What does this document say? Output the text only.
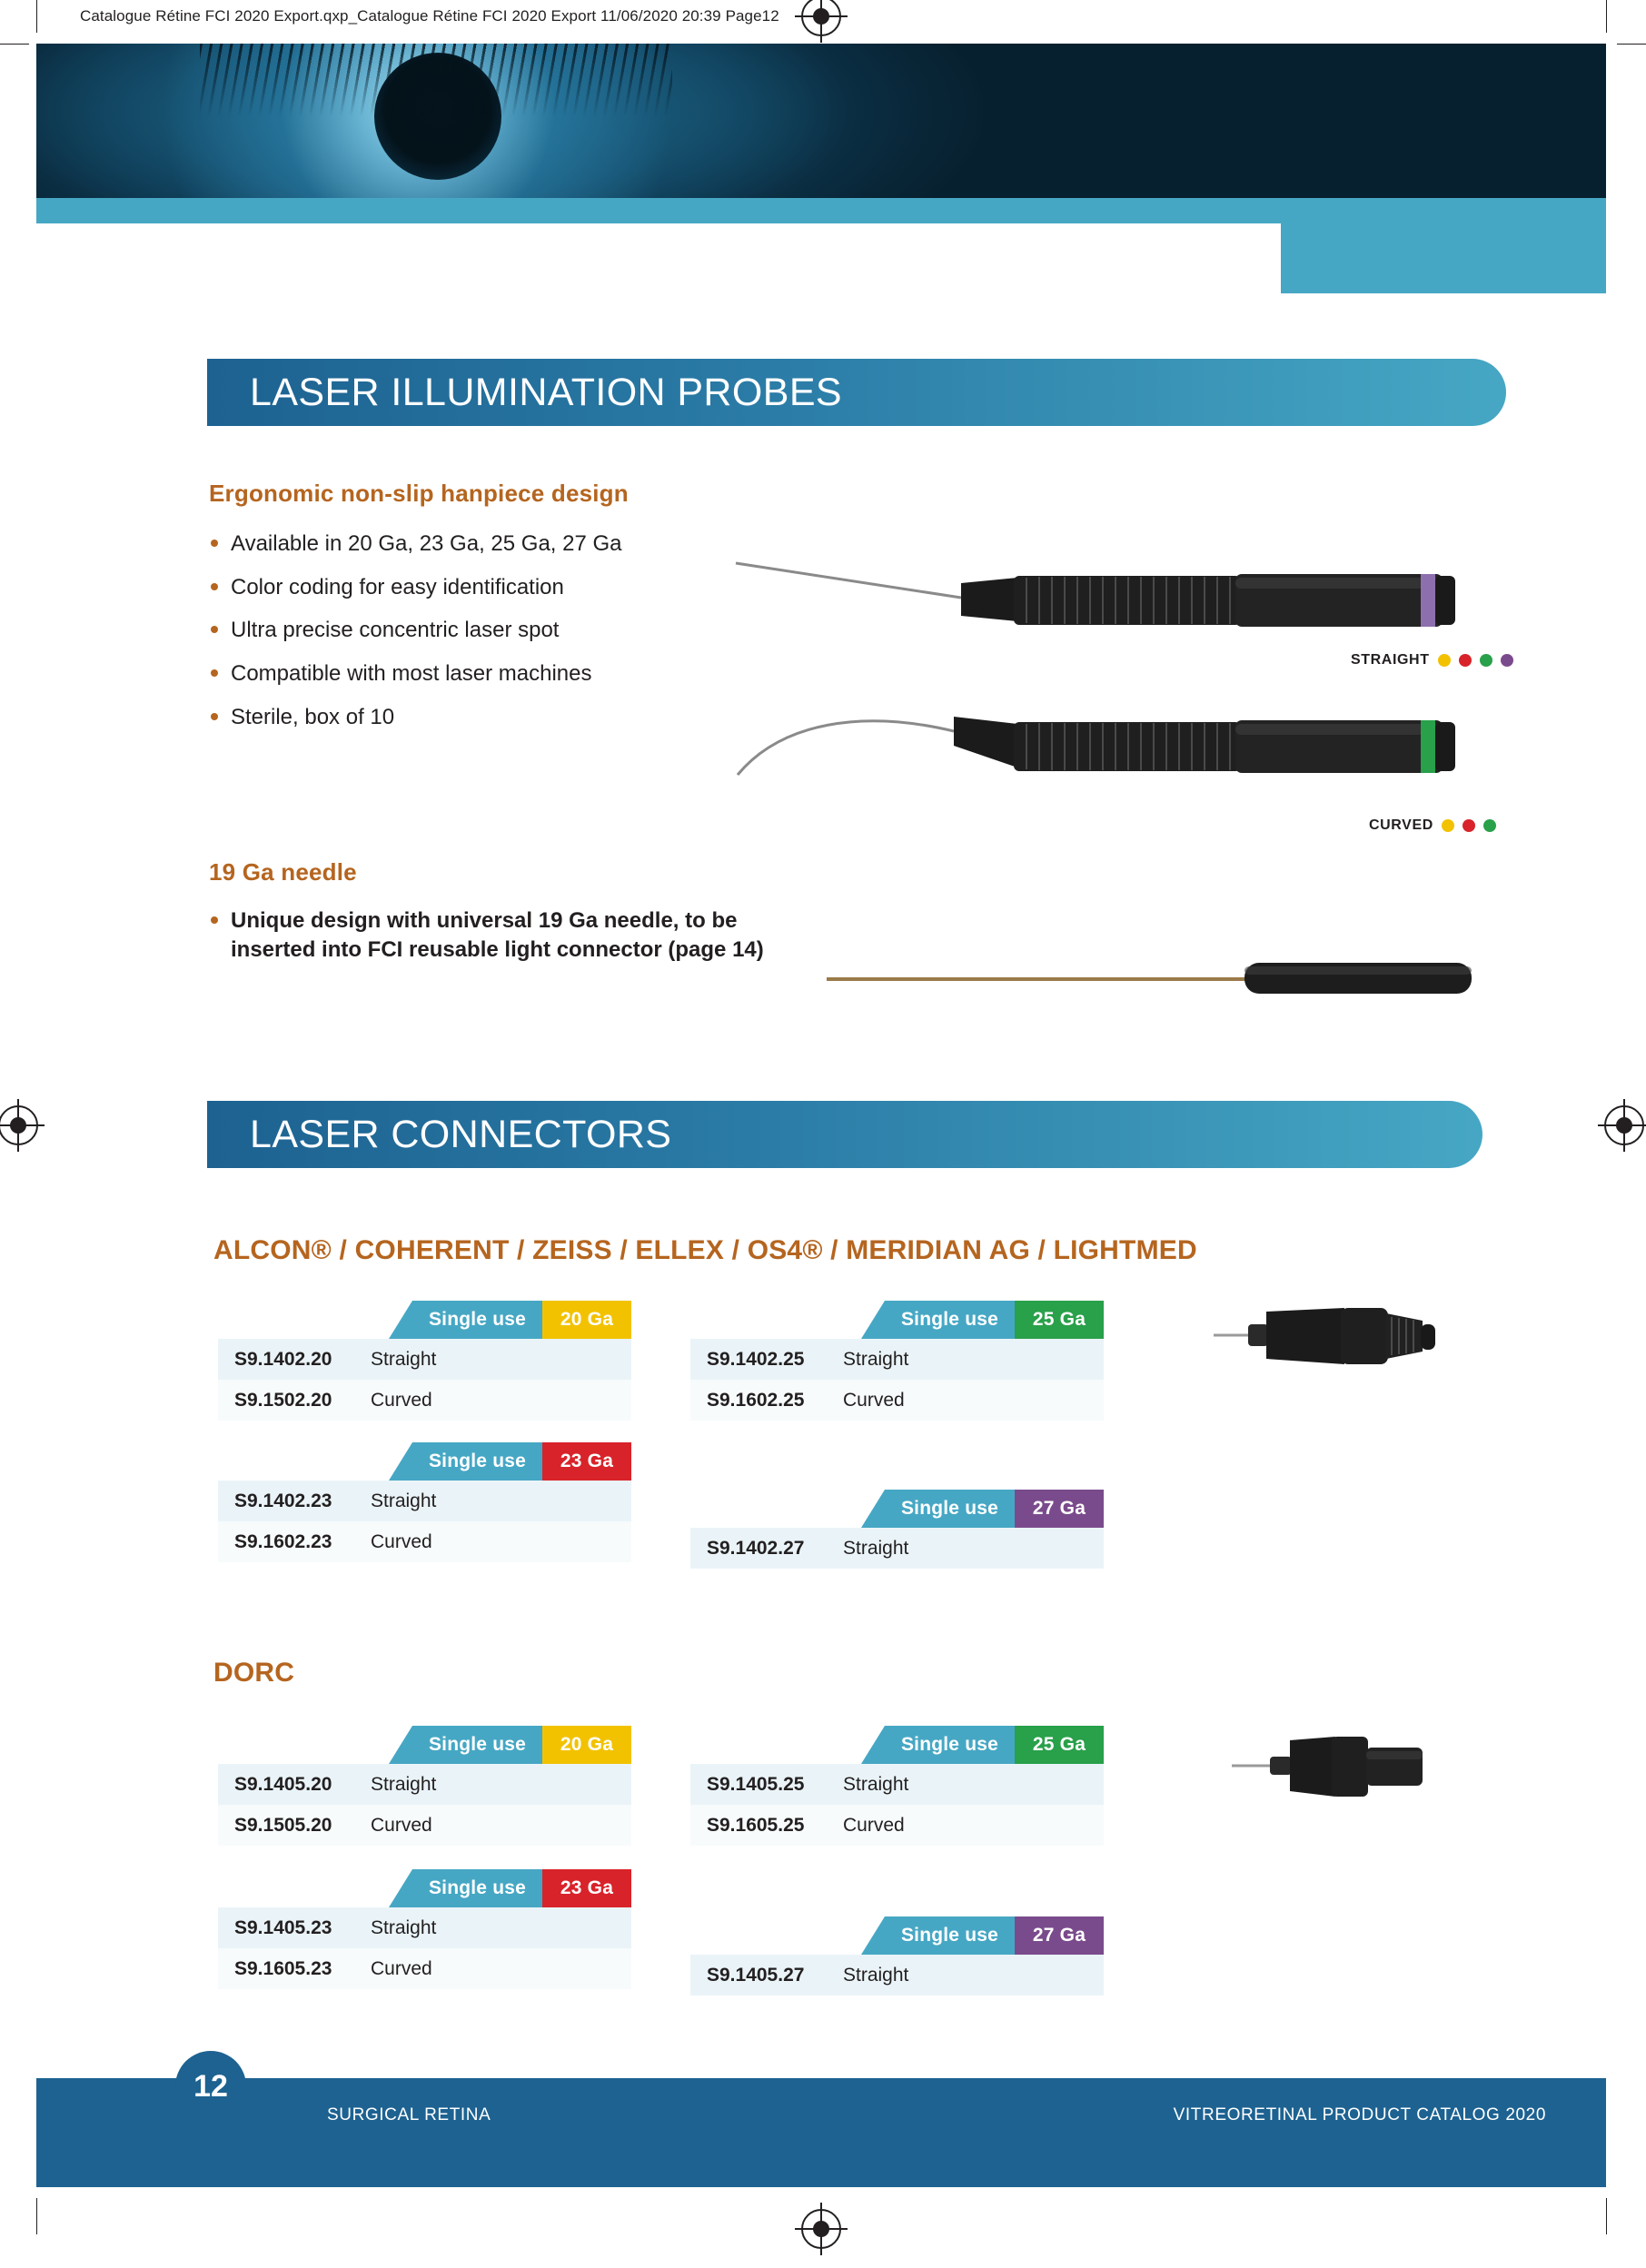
Catalogue Rétine FCI 2020 Export.qxp_Catalogue Rétine FCI 2020 Export 11/06/2020 20:39 Page12
LASER ILLUMINATION PROBES
Ergonomic non-slip hanpiece design
Available in 20 Ga, 23 Ga, 25 Ga, 27 Ga
Color coding for easy identification
Ultra precise concentric laser spot
Compatible with most laser machines
Sterile, box of 10
STRAIGHT
CURVED
19 Ga needle
Unique design with universal 19 Ga needle, to be inserted into FCI reusable light connector (page 14)
LASER CONNECTORS
ALCON® / COHERENT / ZEISS / ELLEX / OS4® / MERIDIAN AG / LIGHTMED
Single use	20 Ga
S9.1402.20	Straight
S9.1502.20	Curved
Single use	25 Ga
S9.1402.25	Straight
S9.1602.25	Curved
Single use	23 Ga
S9.1402.23	Straight
S9.1602.23	Curved
Single use	27 Ga
S9.1402.27	Straight
DORC
Single use	20 Ga
S9.1405.20	Straight
S9.1505.20	Curved
Single use	25 Ga
S9.1405.25	Straight
S9.1605.25	Curved
Single use	23 Ga
S9.1405.23	Straight
S9.1605.23	Curved
Single use	27 Ga
S9.1405.27	Straight
12
SURGICAL RETINA	VITREORETINAL PRODUCT CATALOG 2020
